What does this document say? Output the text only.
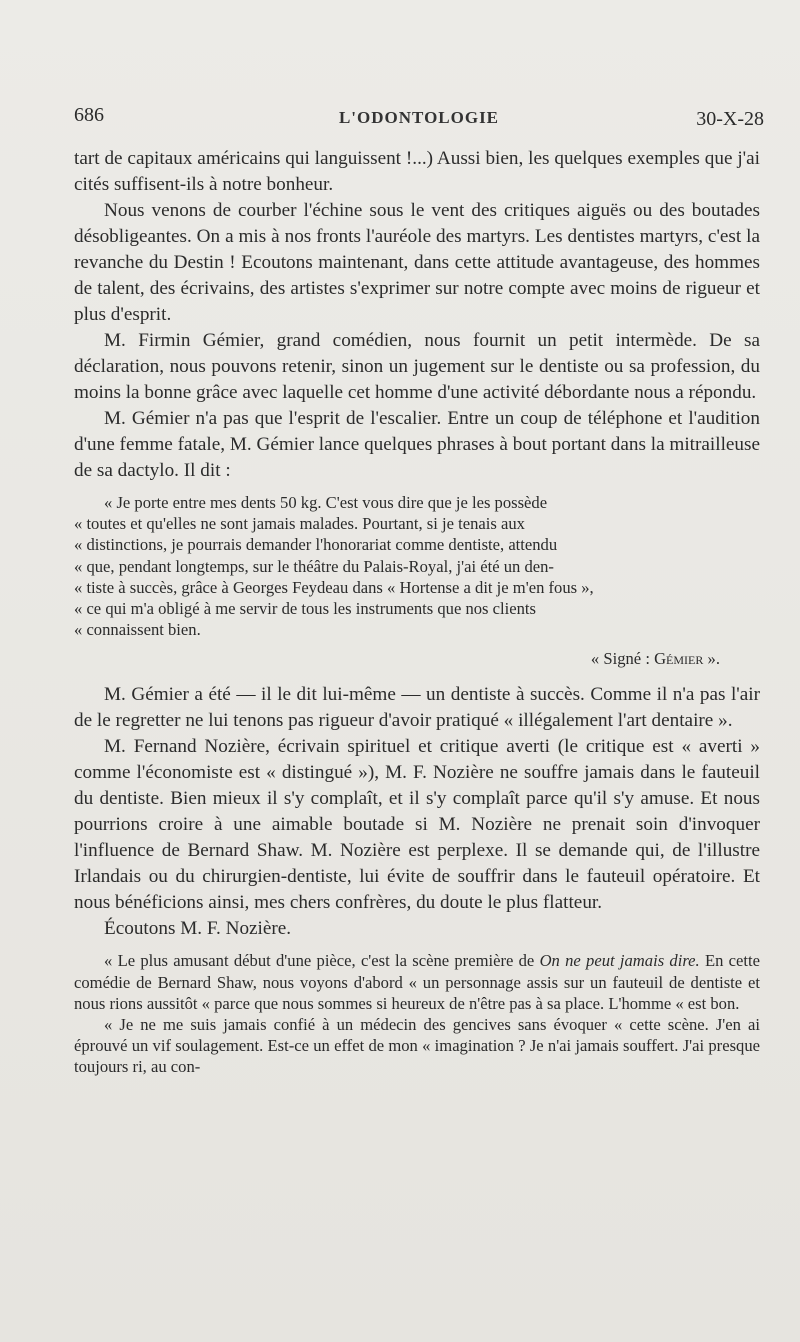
686	L'ODONTOLOGIE	30-X-28

tart de capitaux américains qui languissent !...) Aussi bien, les quelques exemples que j'ai cités suffisent-ils à notre bonheur.

Nous venons de courber l'échine sous le vent des critiques aiguës ou des boutades désobligeantes. On a mis à nos fronts l'auréole des martyrs. Les dentistes martyrs, c'est la revanche du Destin ! Ecoutons maintenant, dans cette attitude avantageuse, des hommes de talent, des écrivains, des artistes s'exprimer sur notre compte avec moins de rigueur et plus d'esprit.

M. Firmin Gémier, grand comédien, nous fournit un petit intermède. De sa déclaration, nous pouvons retenir, sinon un jugement sur le dentiste ou sa profession, du moins la bonne grâce avec laquelle cet homme d'une activité débordante nous a répondu.

M. Gémier n'a pas que l'esprit de l'escalier. Entre un coup de téléphone et l'audition d'une femme fatale, M. Gémier lance quelques phrases à bout portant dans la mitrailleuse de sa dactylo. Il dit :

« Je porte entre mes dents 50 kg. C'est vous dire que je les possède
« toutes et qu'elles ne sont jamais malades. Pourtant, si je tenais aux
« distinctions, je pourrais demander l'honorariat comme dentiste, attendu
« que, pendant longtemps, sur le théâtre du Palais-Royal, j'ai été un den-
« tiste à succès, grâce à Georges Feydeau dans « Hortense a dit je m'en fous »,
« ce qui m'a obligé à me servir de tous les instruments que nos clients
« connaissent bien.
« Signé : Gémier ».

M. Gémier a été — il le dit lui-même — un dentiste à succès. Comme il n'a pas l'air de le regretter ne lui tenons pas rigueur d'avoir pratiqué « illégalement l'art dentaire ».

M. Fernand Nozière, écrivain spirituel et critique averti (le critique est « averti » comme l'économiste est « distingué »), M. F. Nozière ne souffre jamais dans le fauteuil du dentiste. Bien mieux il s'y complaît, et il s'y complaît parce qu'il s'y amuse. Et nous pourrions croire à une aimable boutade si M. Nozière ne prenait soin d'invoquer l'influence de Bernard Shaw. M. Nozière est perplexe. Il se demande qui, de l'illustre Irlandais ou du chirurgien-dentiste, lui évite de souffrir dans le fauteuil opératoire. Et nous bénéficions ainsi, mes chers confrères, du doute le plus flatteur.

Écoutons M. F. Nozière.

« Le plus amusant début d'une pièce, c'est la scène première de On ne peut jamais dire. En cette comédie de Bernard Shaw, nous voyons d'abord « un personnage assis sur un fauteuil de dentiste et nous rions aussitôt « parce que nous sommes si heureux de n'être pas à sa place. L'homme « est bon.
« Je ne me suis jamais confié à un médecin des gencives sans évoquer « cette scène. J'en ai éprouvé un vif soulagement. Est-ce un effet de mon « imagination ? Je n'ai jamais souffert. J'ai presque toujours ri, au con-
